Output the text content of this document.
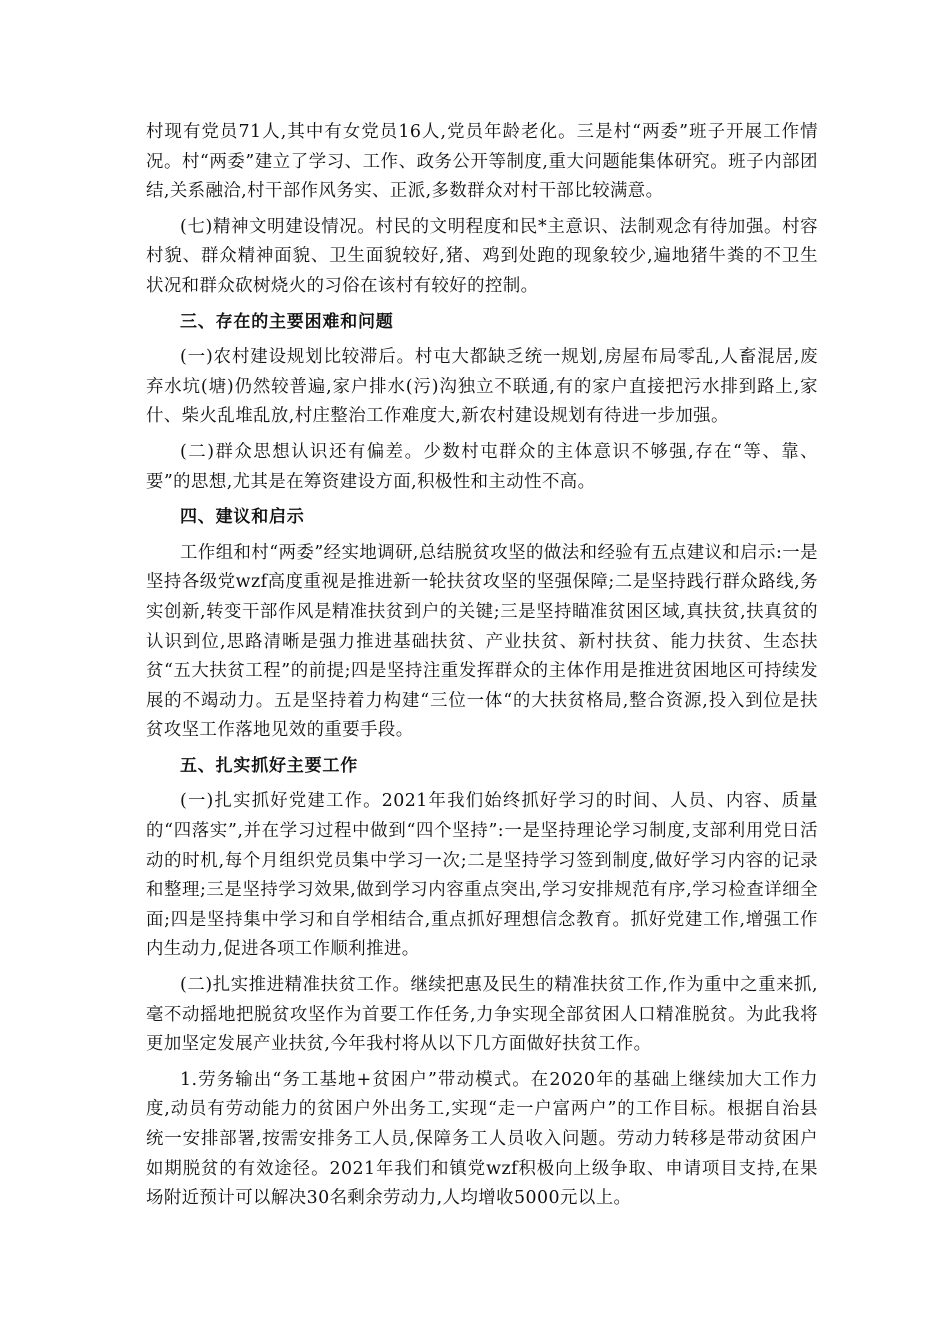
村现有党员71人,其中有女党员16人,党员年龄老化。三是村“两委”班子开展工作情况。村“两委”建立了学习、工作、政务公开等制度,重大问题能集体研究。班子内部团结,关系融洽,村干部作风务实、正派,多数群众对村干部比较满意。

(七)精神文明建设情况。村民的文明程度和民*主意识、法制观念有待加强。村容村貌、群众精神面貌、卫生面貌较好,猪、鸡到处跑的现象较少,遍地猪牛粪的不卫生状况和群众砍树烧火的习俗在该村有较好的控制。

三、存在的主要困难和问题

(一)农村建设规划比较滞后。村屯大都缺乏统一规划,房屋布局零乱,人畜混居,废弃水坑(塘)仍然较普遍,家户排水(污)沟独立不联通,有的家户直接把污水排到路上,家什、柴火乱堆乱放,村庄整治工作难度大,新农村建设规划有待进一步加强。

(二)群众思想认识还有偏差。少数村屯群众的主体意识不够强,存在“等、靠、要”的思想,尤其是在筹资建设方面,积极性和主动性不高。

四、建议和启示

工作组和村“两委”经实地调研,总结脱贫攻坚的做法和经验有五点建议和启示:一是坚持各级党wzf高度重视是推进新一轮扶贫攻坚的坚强保障;二是坚持践行群众路线,务实创新,转变干部作风是精准扶贫到户的关键;三是坚持瞄准贫困区域,真扶贫,扶真贫的认识到位,思路清晰是强力推进基础扶贫、产业扶贫、新村扶贫、能力扶贫、生态扶贫“五大扶贫工程”的前提;四是坚持注重发挥群众的主体作用是推进贫困地区可持续发展的不竭动力。五是坚持着力构建“三位一体“的大扶贫格局,整合资源,投入到位是扶贫攻坚工作落地见效的重要手段。

五、扎实抓好主要工作

(一)扎实抓好党建工作。2021年我们始终抓好学习的时间、人员、内容、质量的“四落实”,并在学习过程中做到“四个坚持”:一是坚持理论学习制度,支部利用党日活动的时机,每个月组织党员集中学习一次;二是坚持学习签到制度,做好学习内容的记录和整理;三是坚持学习效果,做到学习内容重点突出,学习安排规范有序,学习检查详细全面;四是坚持集中学习和自学相结合,重点抓好理想信念教育。抓好党建工作,增强工作内生动力,促进各项工作顺利推进。

(二)扎实推进精准扶贫工作。继续把惠及民生的精准扶贫工作,作为重中之重来抓,毫不动摇地把脱贫攻坚作为首要工作任务,力争实现全部贫困人口精准脱贫。为此我将更加坚定发展产业扶贫,今年我村将从以下几方面做好扶贫工作。

1.劳务输出“务工基地+贫困户”带动模式。在2020年的基础上继续加大工作力度,动员有劳动能力的贫困户外出务工,实现“走一户富两户”的工作目标。根据自治县统一安排部署,按需安排务工人员,保障务工人员收入问题。劳动力转移是带动贫困户如期脱贫的有效途径。2021年我们和镇党wzf积极向上级争取、申请项目支持,在果场附近预计可以解决30名剩余劳动力,人均增收5000元以上。
